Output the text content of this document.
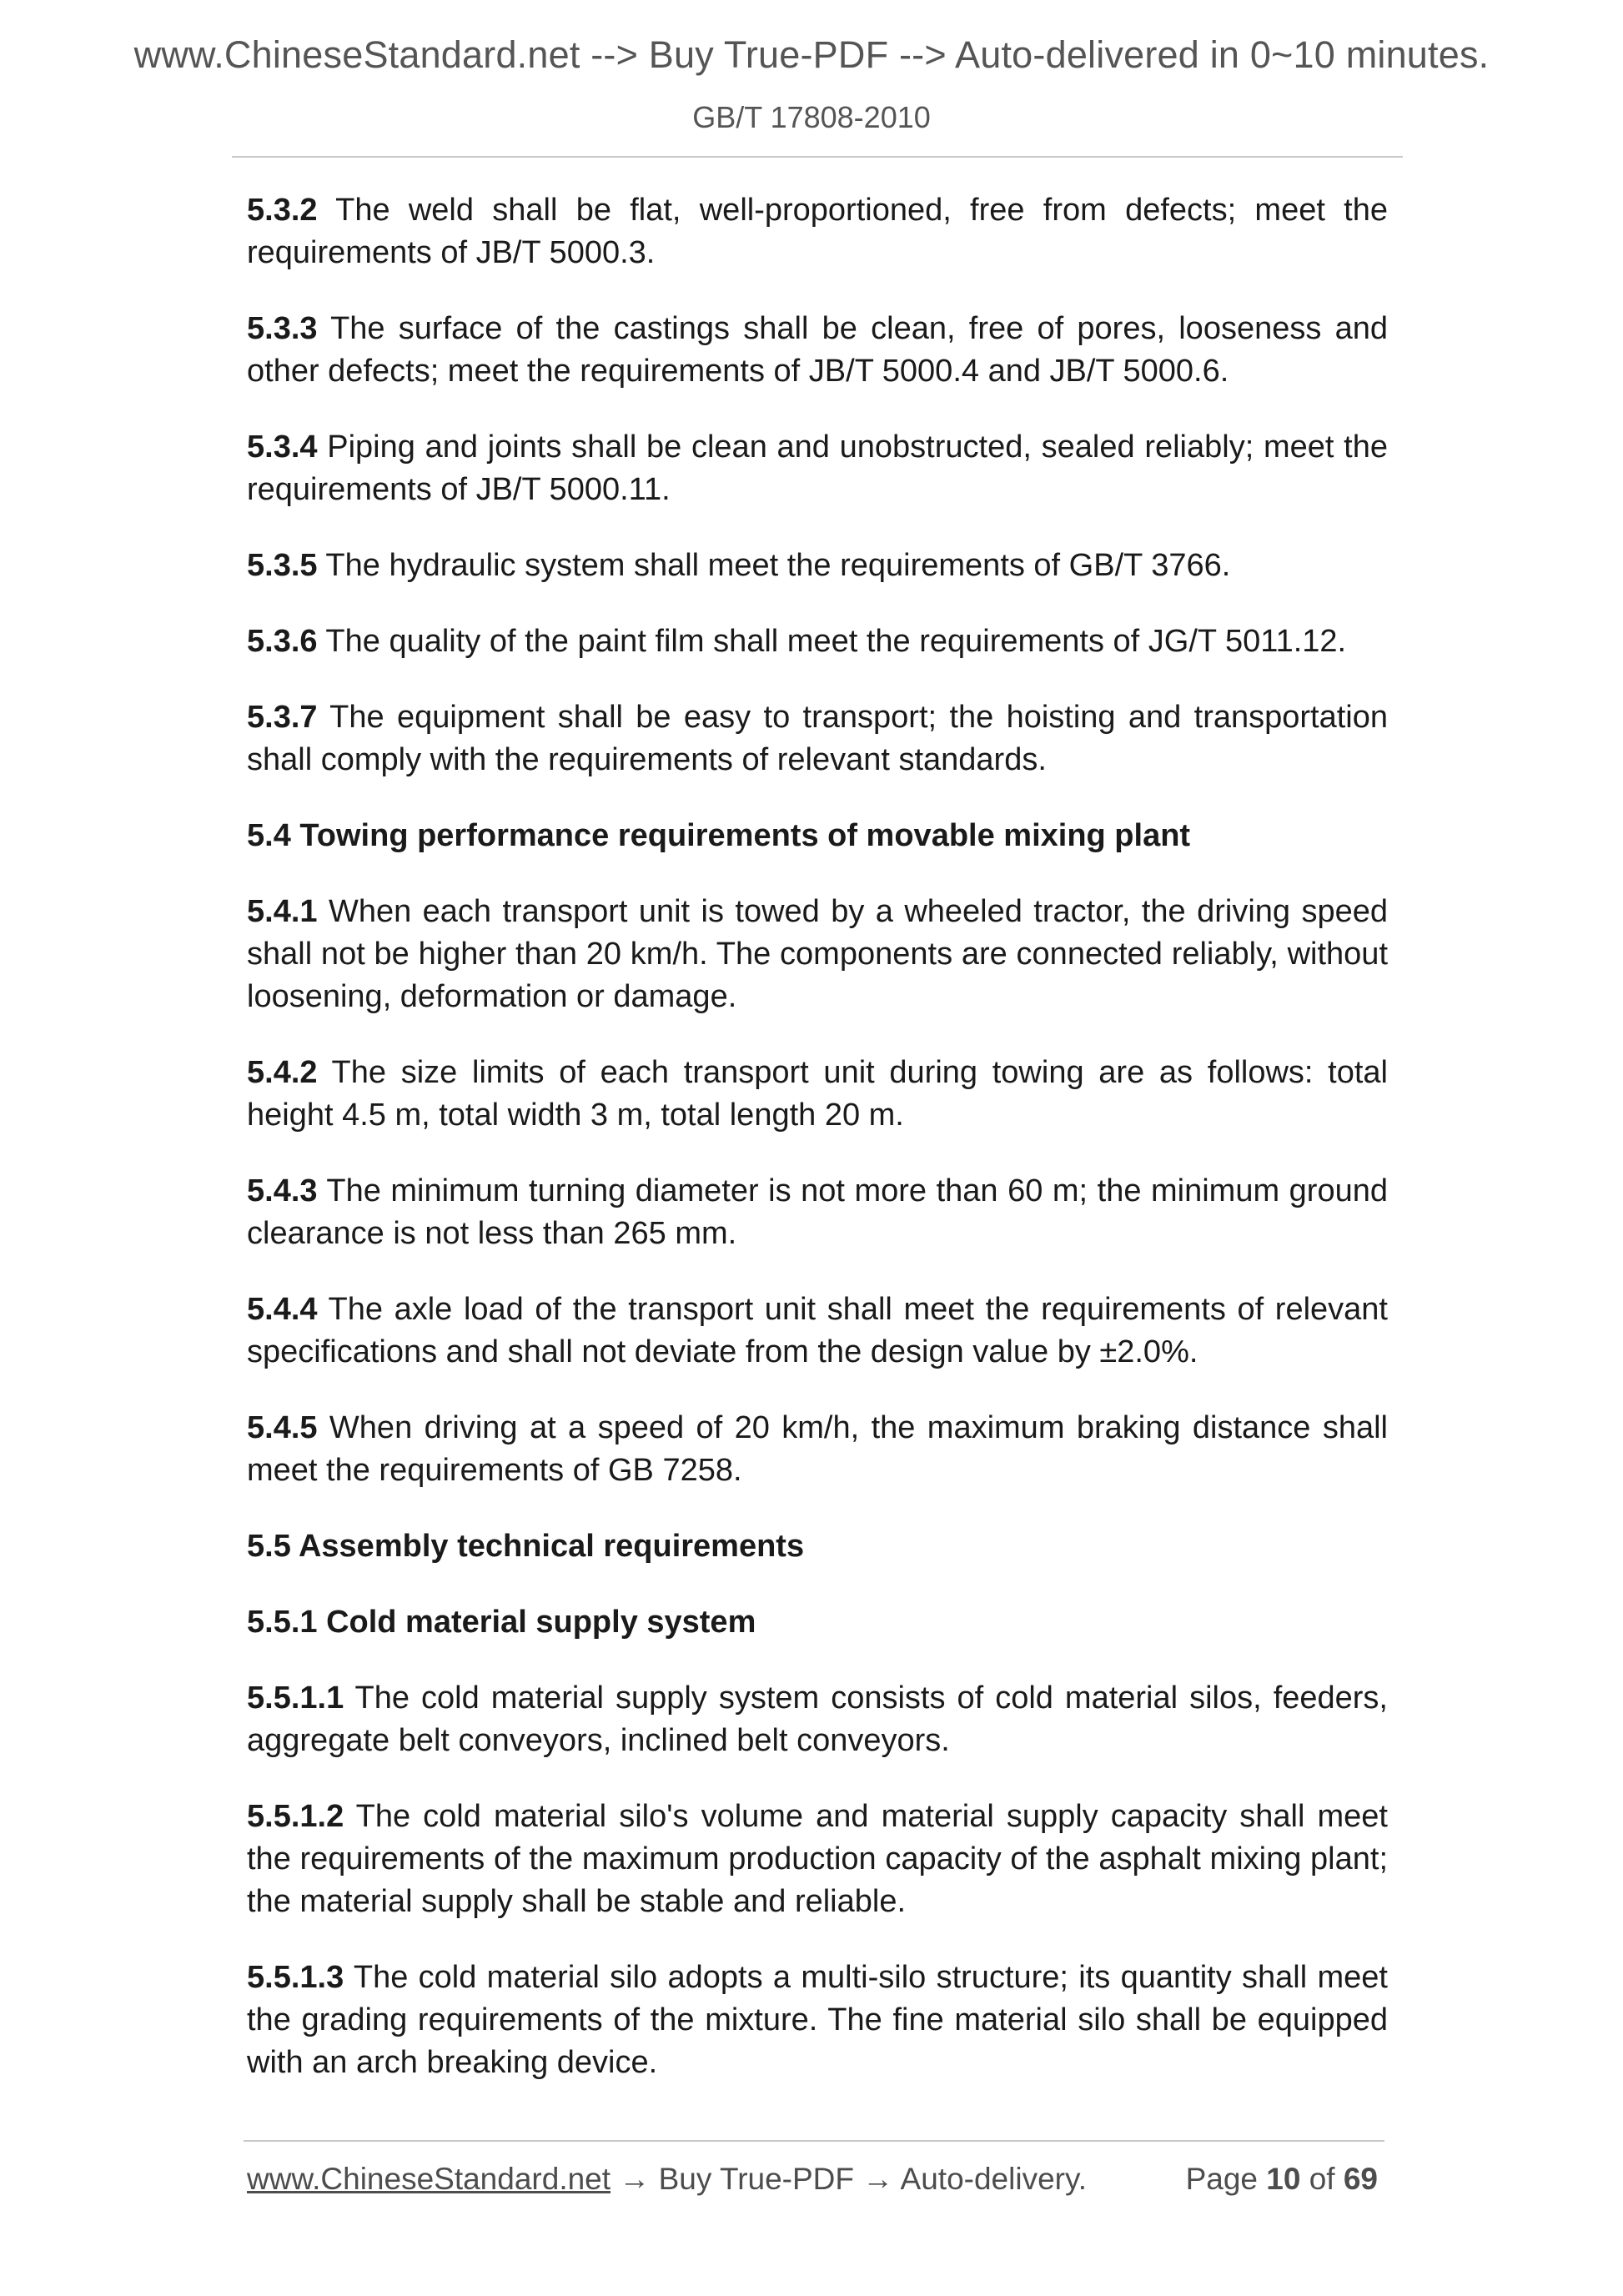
www.ChineseStandard.net --> Buy True-PDF --> Auto-delivered in 0~10 minutes.
GB/T 17808-2010

5.3.2 The weld shall be flat, well-proportioned, free from defects; meet the requirements of JB/T 5000.3.

5.3.3 The surface of the castings shall be clean, free of pores, looseness and other defects; meet the requirements of JB/T 5000.4 and JB/T 5000.6.

5.3.4 Piping and joints shall be clean and unobstructed, sealed reliably; meet the requirements of JB/T 5000.11.

5.3.5 The hydraulic system shall meet the requirements of GB/T 3766.

5.3.6 The quality of the paint film shall meet the requirements of JG/T 5011.12.

5.3.7 The equipment shall be easy to transport; the hoisting and transportation shall comply with the requirements of relevant standards.

5.4 Towing performance requirements of movable mixing plant

5.4.1 When each transport unit is towed by a wheeled tractor, the driving speed shall not be higher than 20 km/h. The components are connected reliably, without loosening, deformation or damage.

5.4.2 The size limits of each transport unit during towing are as follows: total height 4.5 m, total width 3 m, total length 20 m.

5.4.3 The minimum turning diameter is not more than 60 m; the minimum ground clearance is not less than 265 mm.

5.4.4 The axle load of the transport unit shall meet the requirements of relevant specifications and shall not deviate from the design value by ±2.0%.

5.4.5 When driving at a speed of 20 km/h, the maximum braking distance shall meet the requirements of GB 7258.

5.5 Assembly technical requirements
5.5.1 Cold material supply system

5.5.1.1 The cold material supply system consists of cold material silos, feeders, aggregate belt conveyors, inclined belt conveyors.

5.5.1.2 The cold material silo's volume and material supply capacity shall meet the requirements of the maximum production capacity of the asphalt mixing plant; the material supply shall be stable and reliable.

5.5.1.3 The cold material silo adopts a multi-silo structure; its quantity shall meet the grading requirements of the mixture. The fine material silo shall be equipped with an arch breaking device.

www.ChineseStandard.net → Buy True-PDF → Auto-delivery.	Page 10 of 69
